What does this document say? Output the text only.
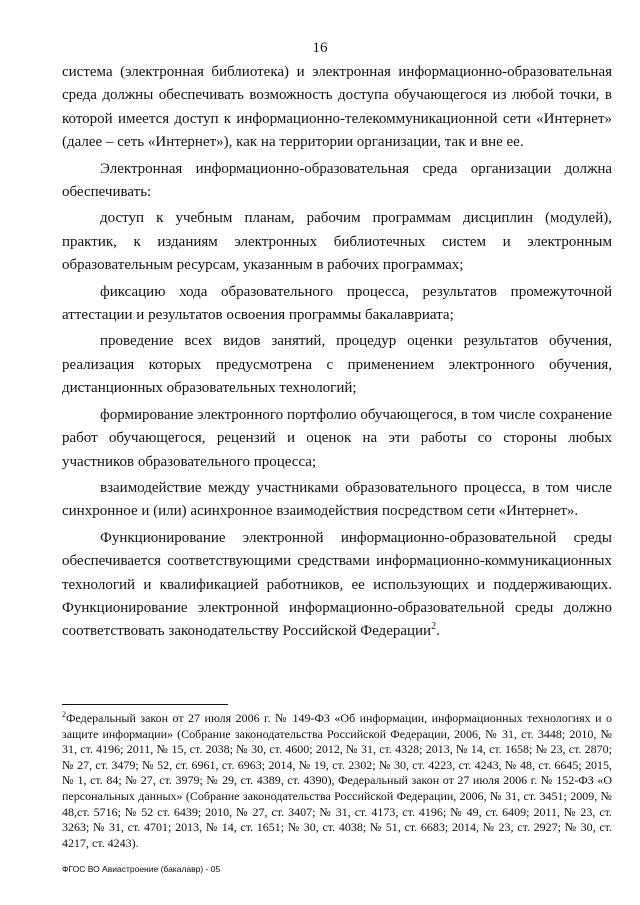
16

система (электронная библиотека) и электронная информационно-образовательная среда должны обеспечивать возможность доступа обучающегося из любой точки, в которой имеется доступ к информационно-телекоммуникационной сети «Интернет» (далее – сеть «Интернет»), как на территории организации, так и вне ее.

Электронная информационно-образовательная среда организации должна обеспечивать:

доступ к учебным планам, рабочим программам дисциплин (модулей), практик, к изданиям электронных библиотечных систем и электронным образовательным ресурсам, указанным в рабочих программах;

фиксацию хода образовательного процесса, результатов промежуточной аттестации и результатов освоения программы бакалавриата;

проведение всех видов занятий, процедур оценки результатов обучения, реализация которых предусмотрена с применением электронного обучения, дистанционных образовательных технологий;

формирование электронного портфолио обучающегося, в том числе сохранение работ обучающегося, рецензий и оценок на эти работы со стороны любых участников образовательного процесса;

взаимодействие между участниками образовательного процесса, в том числе синхронное и (или) асинхронное взаимодействия посредством сети «Интернет».

Функционирование электронной информационно-образовательной среды обеспечивается соответствующими средствами информационно-коммуникационных технологий и квалификацией работников, ее использующих и поддерживающих. Функционирование электронной информационно-образовательной среды должно соответствовать законодательству Российской Федерации$^2$.

$^2$Федеральный закон от 27 июля 2006 г. № 149-ФЗ «Об информации, информационных технологиях и о защите информации» (Собрание законодательства Российской Федерации, 2006, № 31, ст. 3448; 2010, № 31, ст. 4196; 2011, № 15, ст. 2038; № 30, ст. 4600; 2012, № 31, ст. 4328; 2013, № 14, ст. 1658; № 23, ст. 2870; № 27, ст. 3479; № 52, ст. 6961, ст. 6963; 2014, № 19, ст. 2302; № 30, ст. 4223, ст. 4243, № 48, ст. 6645; 2015, № 1, ст. 84; № 27, ст. 3979; № 29, ст. 4389, ст. 4390), Федеральный закон от 27 июля 2006 г. № 152-ФЗ «О персональных данных» (Собрание законодательства Российской Федерации, 2006, № 31, ст. 3451; 2009, № 48,ст. 5716; № 52 ст. 6439; 2010, № 27, ст. 3407; № 31, ст. 4173, ст. 4196; № 49, ст. 6409; 2011, № 23, ст. 3263; № 31, ст. 4701; 2013, № 14, ст. 1651; № 30, ст. 4038; № 51, ст. 6683; 2014, № 23, ст. 2927; № 30, ст. 4217, ст. 4243).
ФГОС ВО Авиастроение (бакалавр) - 05
